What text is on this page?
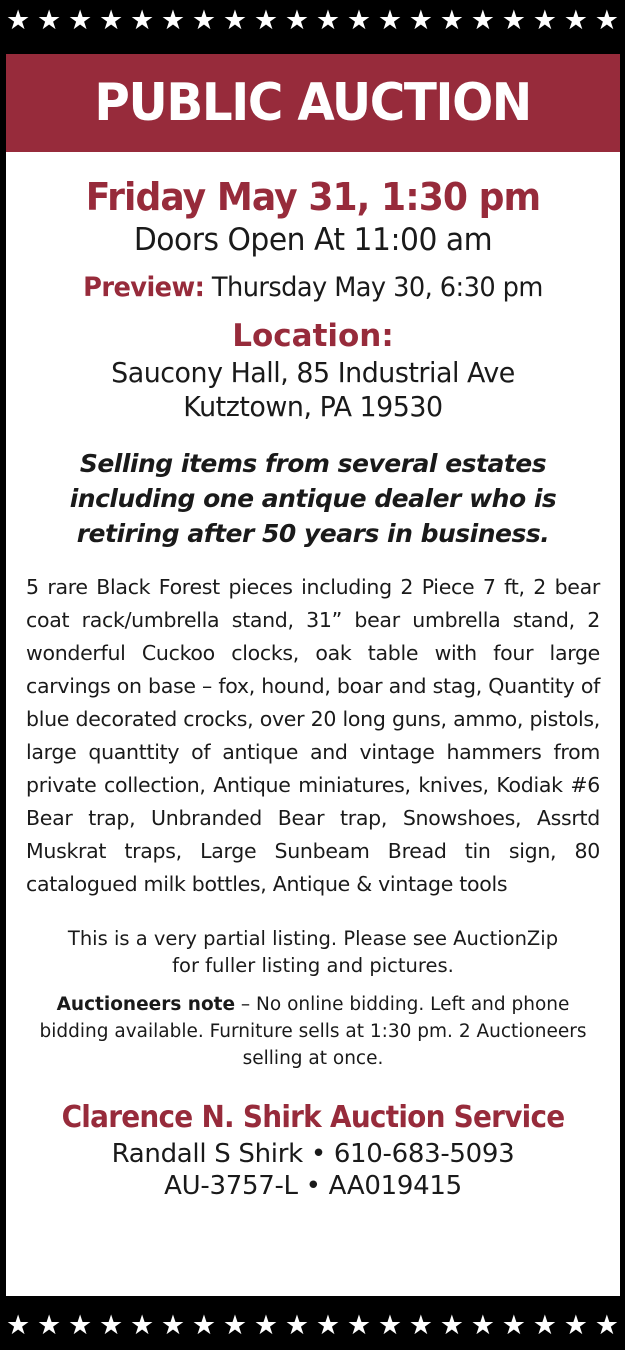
★ ★ ★ ★ ★ ★ ★ ★ ★ ★ ★ ★ ★ ★ ★ ★ ★ ★ ★ ★
PUBLIC AUCTION
Friday May 31, 1:30 pm
Doors Open At 11:00 am
Preview: Thursday May 30, 6:30 pm
Location:
Saucony Hall, 85 Industrial Ave
Kutztown, PA 19530
Selling items from several estates including one antique dealer who is retiring after 50 years in business.
5 rare Black Forest pieces including 2 Piece 7 ft, 2 bear coat rack/umbrella stand, 31” bear umbrella stand, 2 wonderful Cuckoo clocks, oak table with four large carvings on base – fox, hound, boar and stag, Quantity of blue decorated crocks, over 20 long guns, ammo, pistols, large quanttity of antique and vintage hammers from private collection, Antique miniatures, knives, Kodiak #6 Bear trap, Unbranded Bear trap, Snowshoes, Assrtd Muskrat traps, Large Sunbeam Bread tin sign, 80 catalogued milk bottles, Antique & vintage tools
This is a very partial listing. Please see AuctionZip for fuller listing and pictures.
Auctioneers note – No online bidding. Left and phone bidding available. Furniture sells at 1:30 pm. 2 Auctioneers selling at once.
Clarence N. Shirk Auction Service
Randall S Shirk • 610-683-5093
AU-3757-L • AA019415
★ ★ ★ ★ ★ ★ ★ ★ ★ ★ ★ ★ ★ ★ ★ ★ ★ ★ ★ ★
